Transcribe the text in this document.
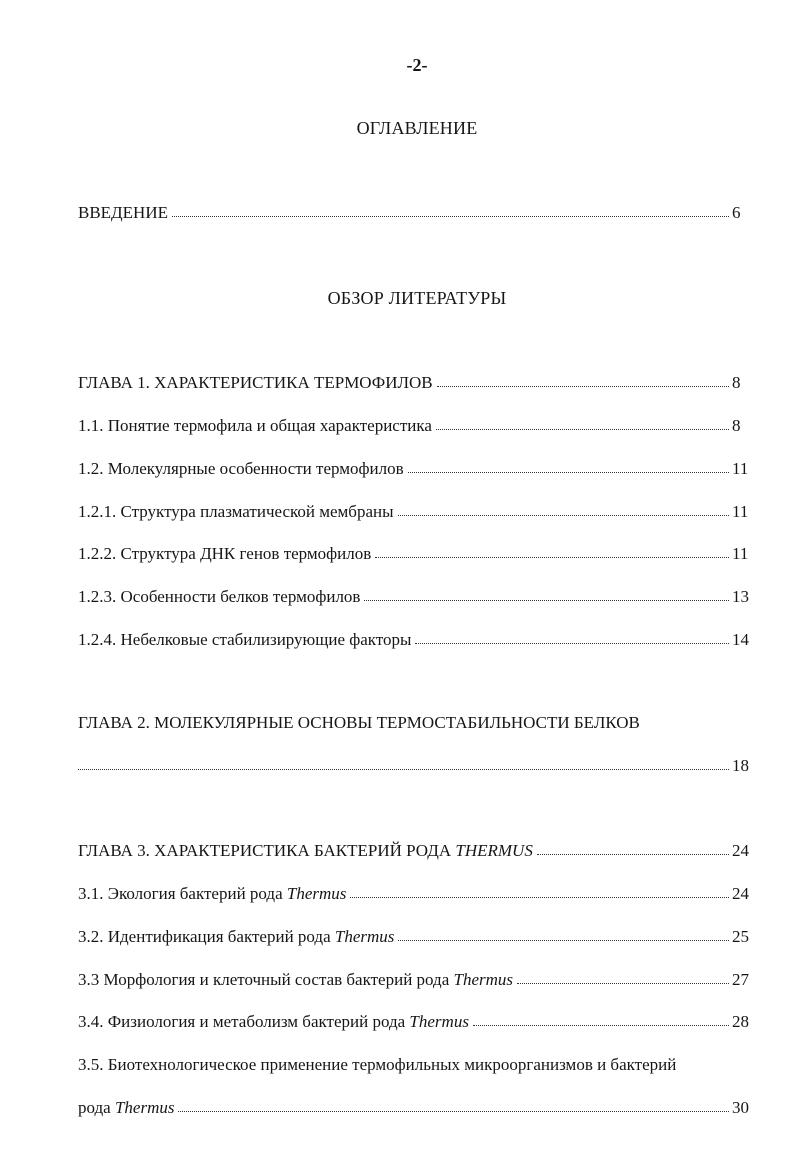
-2-
ОГЛАВЛЕНИЕ
ВВЕДЕНИЕ	6
ОБЗОР ЛИТЕРАТУРЫ
ГЛАВА 1. ХАРАКТЕРИСТИКА ТЕРМОФИЛОВ	8
1.1. Понятие термофила и общая характеристика	8
1.2. Молекулярные особенности термофилов	11
1.2.1. Структура плазматической мембраны	11
1.2.2. Структура ДНК генов термофилов	11
1.2.3. Особенности белков термофилов	13
1.2.4. Небелковые стабилизирующие факторы	14
ГЛАВА 2. МОЛЕКУЛЯРНЫЕ ОСНОВЫ ТЕРМОСТАБИЛЬНОСТИ БЕЛКОВ
18
ГЛАВА 3. ХАРАКТЕРИСТИКА БАКТЕРИЙ РОДА THERMUS	24
3.1. Экология бактерий рода Thermus	24
3.2. Идентификация бактерий рода Thermus	25
3.3 Морфология и клеточный состав бактерий рода Thermus	27
3.4. Физиология и метаболизм бактерий рода Thermus	28
3.5. Биотехнологическое применение термофильных микроорганизмов и бактерий
рода Thermus	30
